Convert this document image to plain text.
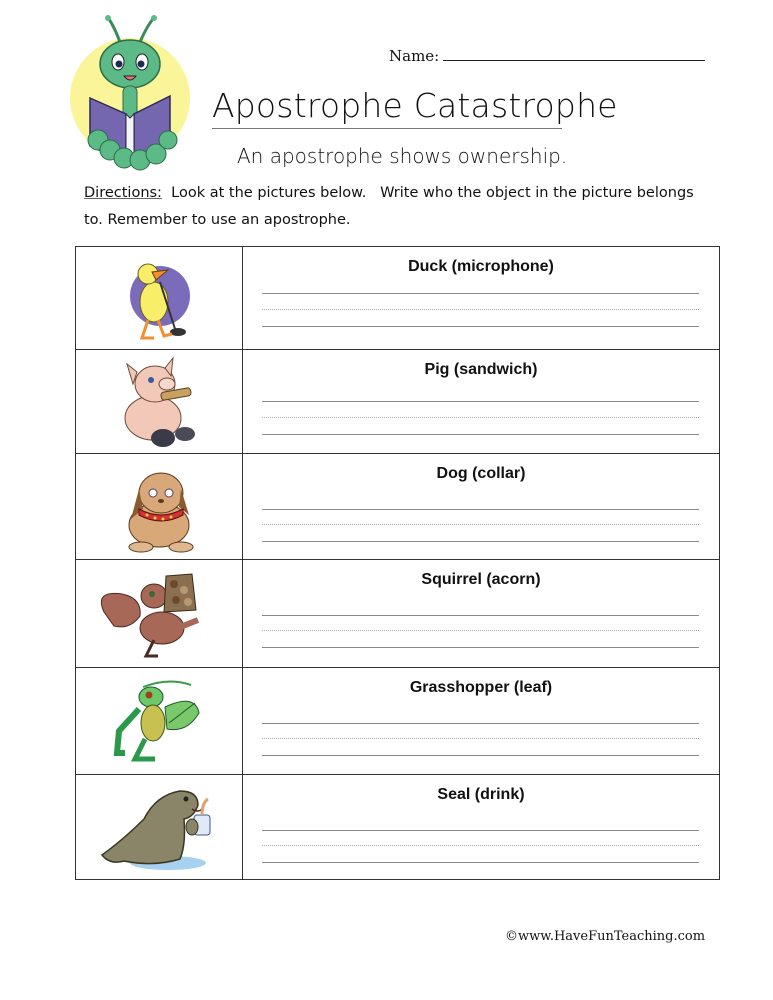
Name:
Apostrophe Catastrophe
An apostrophe shows ownership.
Directions:  Look at the pictures below.   Write who the object in the picture belongs to. Remember to use an apostrophe.
Duck (microphone)
Pig (sandwich)
Dog (collar)
Squirrel (acorn)
Grasshopper (leaf)
Seal (drink)
©www.HaveFunTeaching.com
